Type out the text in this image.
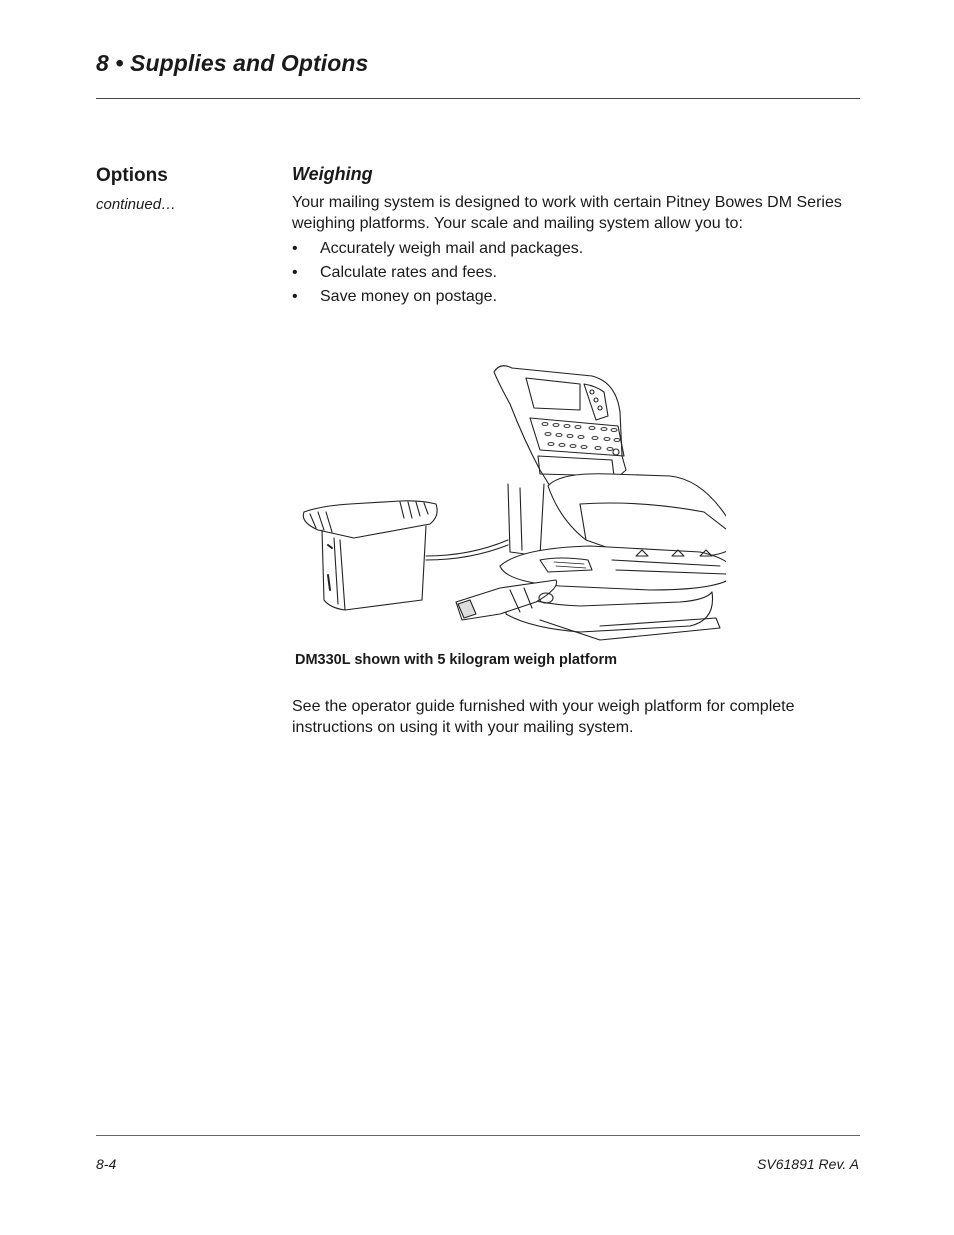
8 • Supplies and Options
Options
continued…
Weighing

Your mailing system is designed to work with certain Pitney Bowes DM Series weighing platforms. Your scale and mailing system allow you to:

• Accurately weigh mail and packages.
• Calculate rates and fees.
• Save money on postage.
DM330L shown with 5 kilogram weigh platform

See the operator guide furnished with your weigh platform for complete instructions on using it with your mailing system.

8-4	SV61891 Rev. A
